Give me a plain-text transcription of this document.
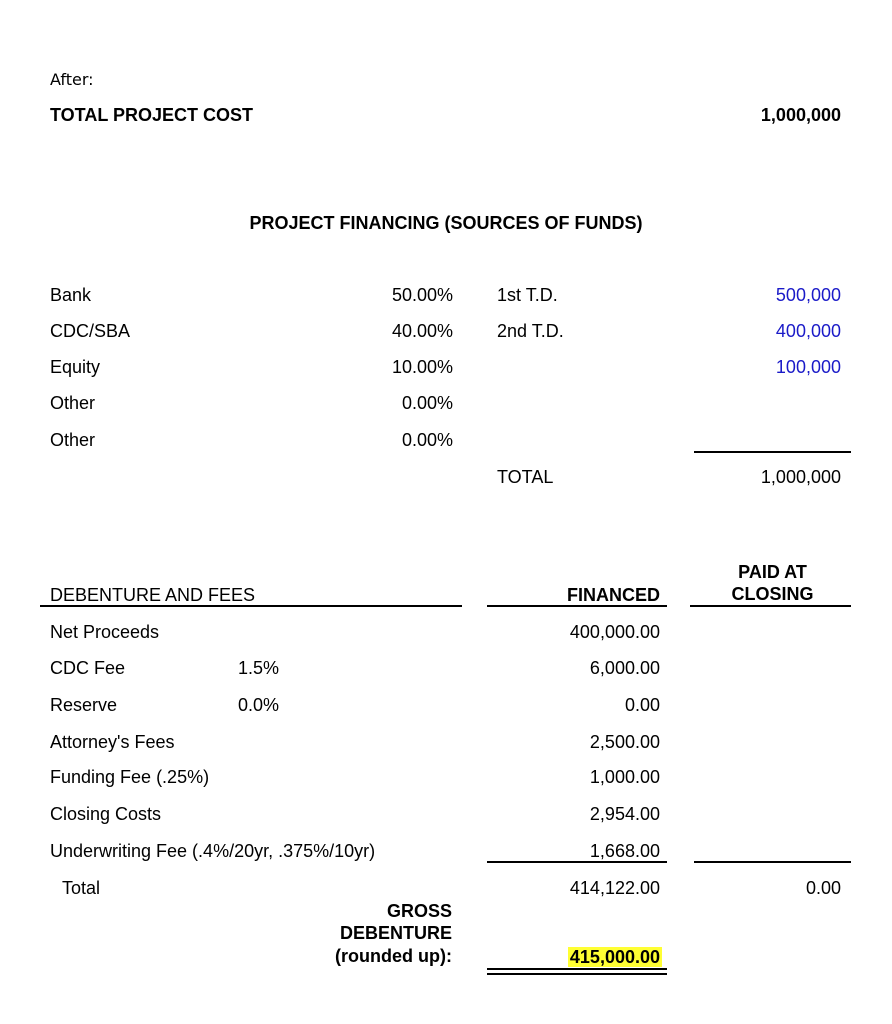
After:
TOTAL PROJECT COST	1,000,000
PROJECT FINANCING (SOURCES OF FUNDS)
Bank	50.00% 1st T.D.	500,000
CDC/SBA	40.00% 2nd T.D.	400,000
Equity	10.00%	100,000
Other	0.00%
Other	0.00%
TOTAL	1,000,000
PAID AT
CLOSING
DEBENTURE AND FEES	FINANCED
Net Proceeds	400,000.00
CDC Fee	1.5%	6,000.00
Reserve	0.0%	0.00
Attorney's Fees	2,500.00
Funding Fee (.25%)	1,000.00
Closing Costs	2,954.00
Underwriting Fee (.4%/20yr, .375%/10yr)	1,668.00
Total	414,122.00	0.00
GROSS
DEBENTURE
(rounded up):	415,000.00
